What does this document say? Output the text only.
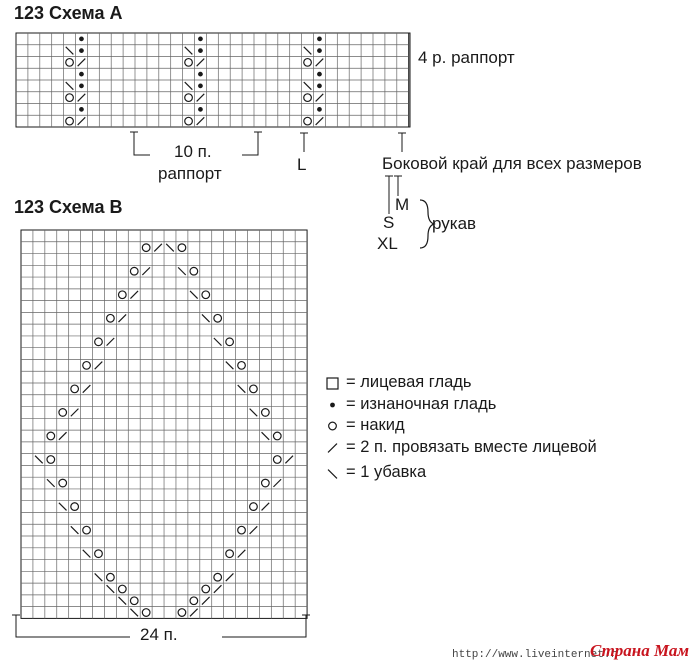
123 Схема А
4 р. раппорт
10 п.
раппорт	L	Боковой край для всех размеров
M
S
XL
рукав
123 Схема В
24 п.
= лицевая гладь
= изнаночная гладь
= накид
= 2 п. провязать вместе лицевой
= 1 убавка
http://www.liveinternet.r
Страна Мам
